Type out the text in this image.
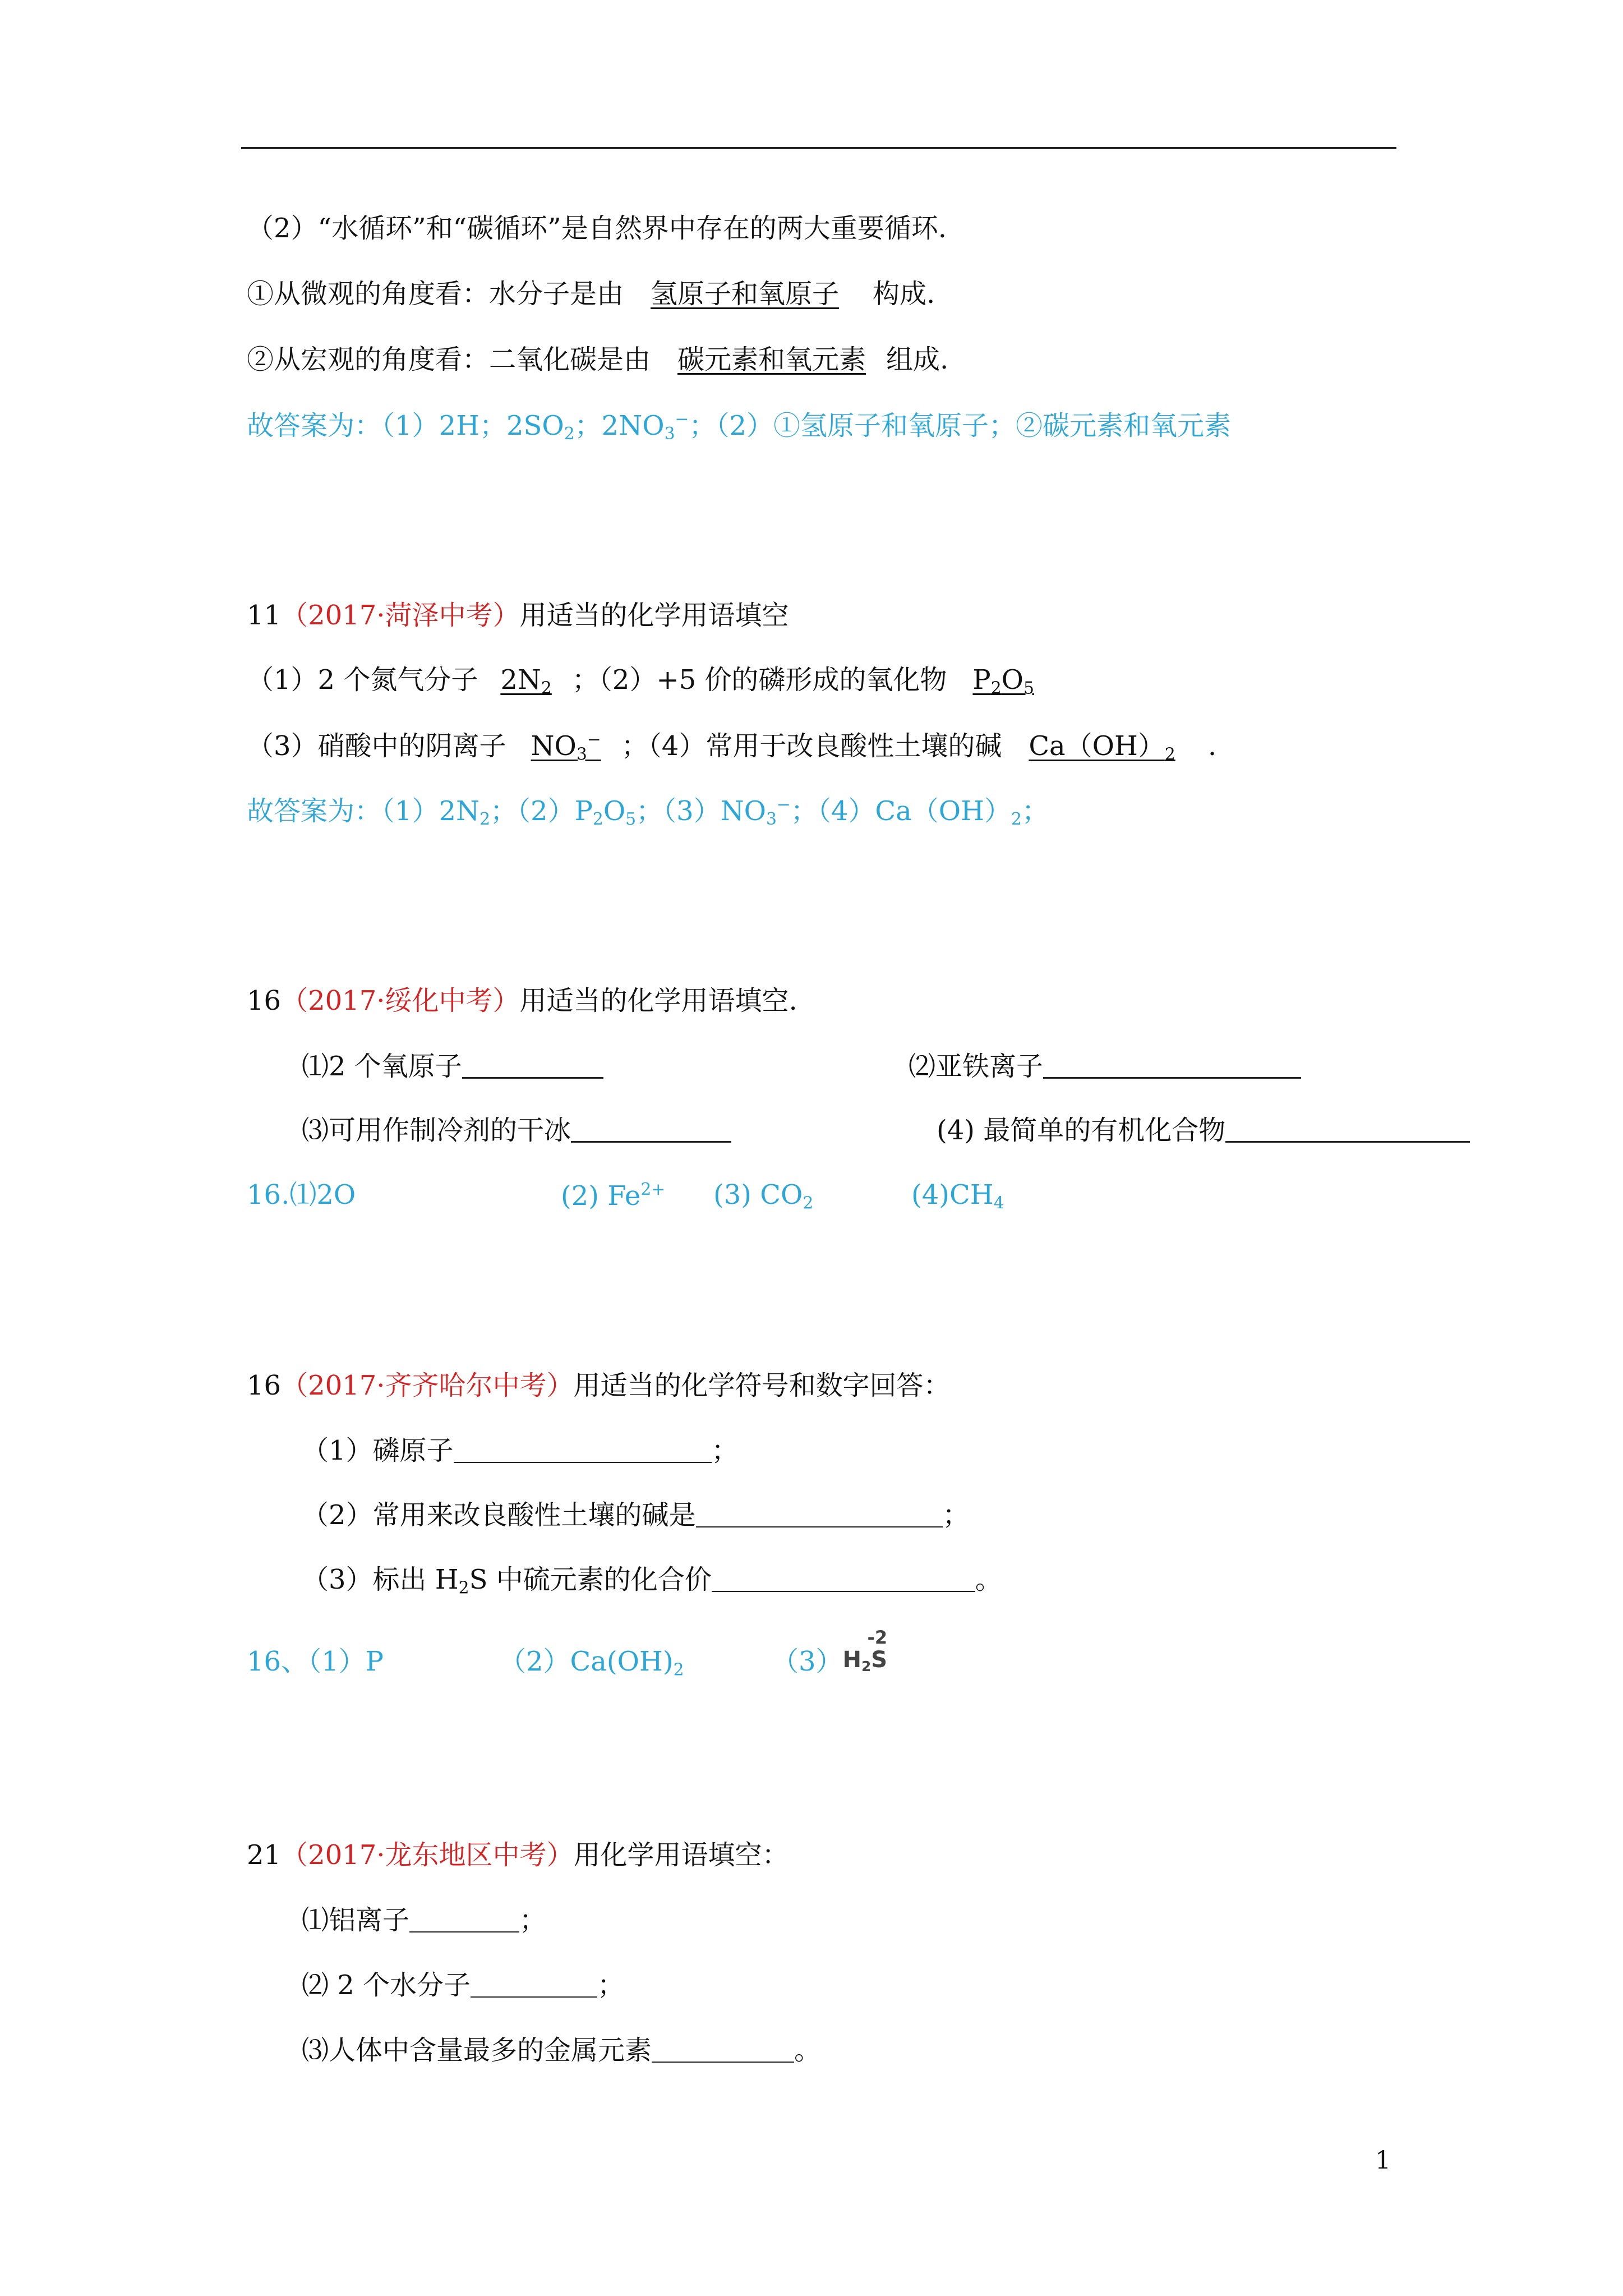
（2）“水循环”和“碳循环”是自然界中存在的两大重要循环.
①从微观的角度看：水分子是由 氢原子和氧原子 构成.
②从宏观的角度看：二氧化碳是由 碳元素和氧元素 组成.
故答案为：（1）2H；$2SO_2$；$2NO_3^-$；（2）①氢原子和氧原子；②碳元素和氧元素
11（2017·菏泽中考）用适当的化学用语填空
（1）2 个氮气分子 $2N_2$ ；（2）+5 价的磷形成的氧化物 $P_2O_5$
（3）硝酸中的阴离子 $NO_3^-$ ；（4）常用于改良酸性土壤的碱 $Ca(OH)_2$ .
故答案为：$(1)2N_2$；$(2)P_2O_5$；$(3)NO_3^-$；$(4)Ca(OH)_2$；
16（2017·绥化中考）用适当的化学用语填空.
⑴2 个氧原子	⑵亚铁离子
⑶可用作制冷剂的干冰	(4) 最简单的有机化合物
16.⑴2O	(2) $Fe^{2+}$ (3) $CO_2$	$(4)CH_4$
16（2017·齐齐哈尔中考）用适当的化学符号和数字回答：
（1）磷原子	；
（2）常用来改良酸性土壤的碱是	；
（3）标出 $H_2S$ 中硫元素的化合价	。
16、（1）P	$(2)Ca(OH)_2$	$(3)H_2S$
-2
21（2017·龙东地区中考）用化学用语填空：
⑴铝离子	；
⑵ 2 个水分子	；
⑶人体中含量最多的金属元素	。
1
